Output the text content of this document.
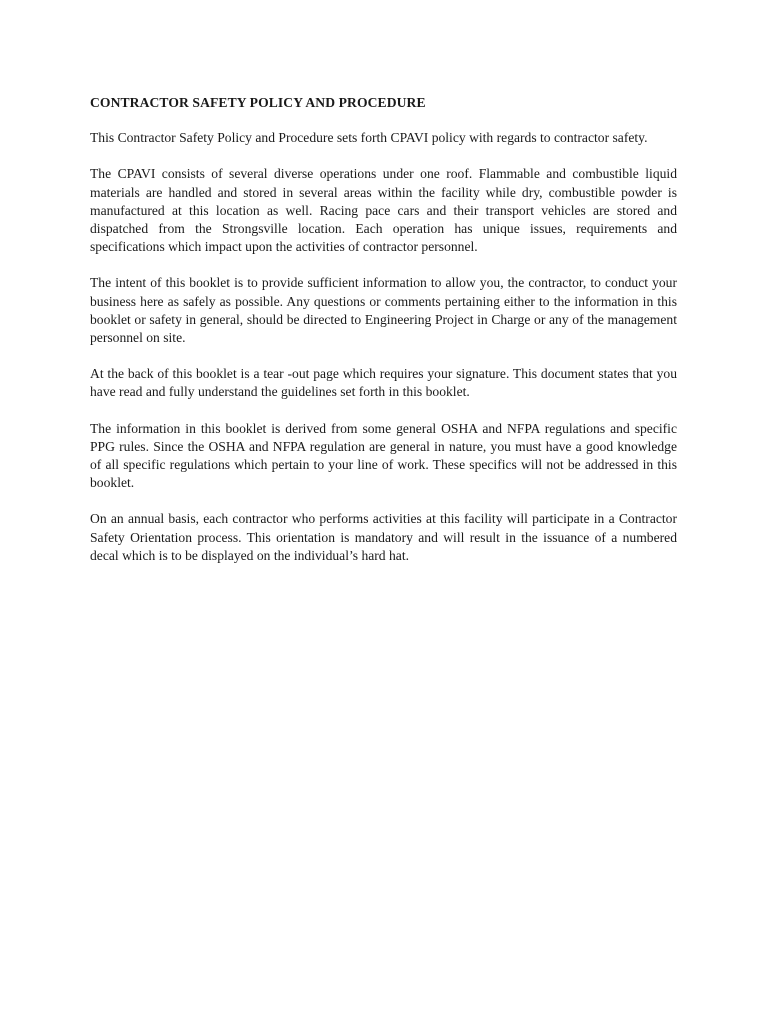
CONTRACTOR SAFETY POLICY AND PROCEDURE

This Contractor Safety Policy and Procedure sets forth CPAVI policy with regards to contractor safety.

The CPAVI consists of several diverse operations under one roof. Flammable and combustible liquid materials are handled and stored in several areas within the facility while dry, combustible powder is manufactured at this location as well. Racing pace cars and their transport vehicles are stored and dispatched from the Strongsville location. Each operation has unique issues, requirements and specifications which impact upon the activities of contractor personnel.

The intent of this booklet is to provide sufficient information to allow you, the contractor, to conduct your business here as safely as possible. Any questions or comments pertaining either to the information in this booklet or safety in general, should be directed to Engineering Project in Charge or any of the management personnel on site.

At the back of this booklet is a tear -out page which requires your signature. This document states that you have read and fully understand the guidelines set forth in this booklet.

The information in this booklet is derived from some general OSHA and NFPA regulations and specific PPG rules. Since the OSHA and NFPA regulation are general in nature, you must have a good knowledge of all specific regulations which pertain to your line of work. These specifics will not be addressed in this booklet.

On an annual basis, each contractor who performs activities at this facility will participate in a Contractor Safety Orientation process. This orientation is mandatory and will result in the issuance of a numbered decal which is to be displayed on the individual’s hard hat.
